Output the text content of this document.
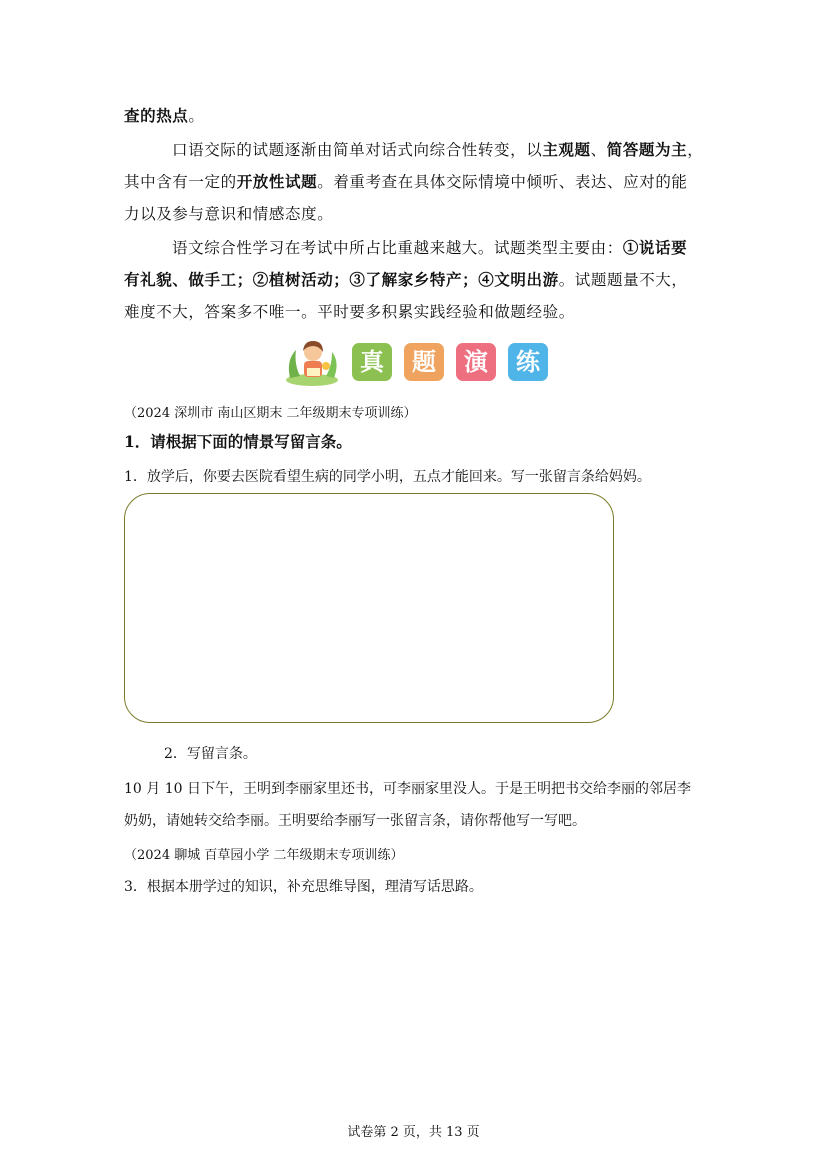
查的热点。
口语交际的试题逐渐由简单对话式向综合性转变，以主观题、简答题为主，
其中含有一定的开放性试题。着重考查在具体交际情境中倾听、表达、应对的能
力以及参与意识和情感态度。
语文综合性学习在考试中所占比重越来越大。试题类型主要由：①说话要
有礼貌、做手工；②植树活动；③了解家乡特产；④文明出游。试题题量不大，
难度不大，答案多不唯一。平时要多积累实践经验和做题经验。
真	题	演	练
（2024 深圳市 南山区期末 二年级期末专项训练）
1．请根据下面的情景写留言条。
1．放学后，你要去医院看望生病的同学小明，五点才能回来。写一张留言条给妈妈。
2．写留言条。
10 月 10 日下午，王明到李丽家里还书，可李丽家里没人。于是王明把书交给李丽的邻居李
奶奶，请她转交给李丽。王明要给李丽写一张留言条，请你帮他写一写吧。
（2024 聊城 百草园小学 二年级期末专项训练）
3．根据本册学过的知识，补充思维导图，理清写话思路。
试卷第 2 页，共 13 页
